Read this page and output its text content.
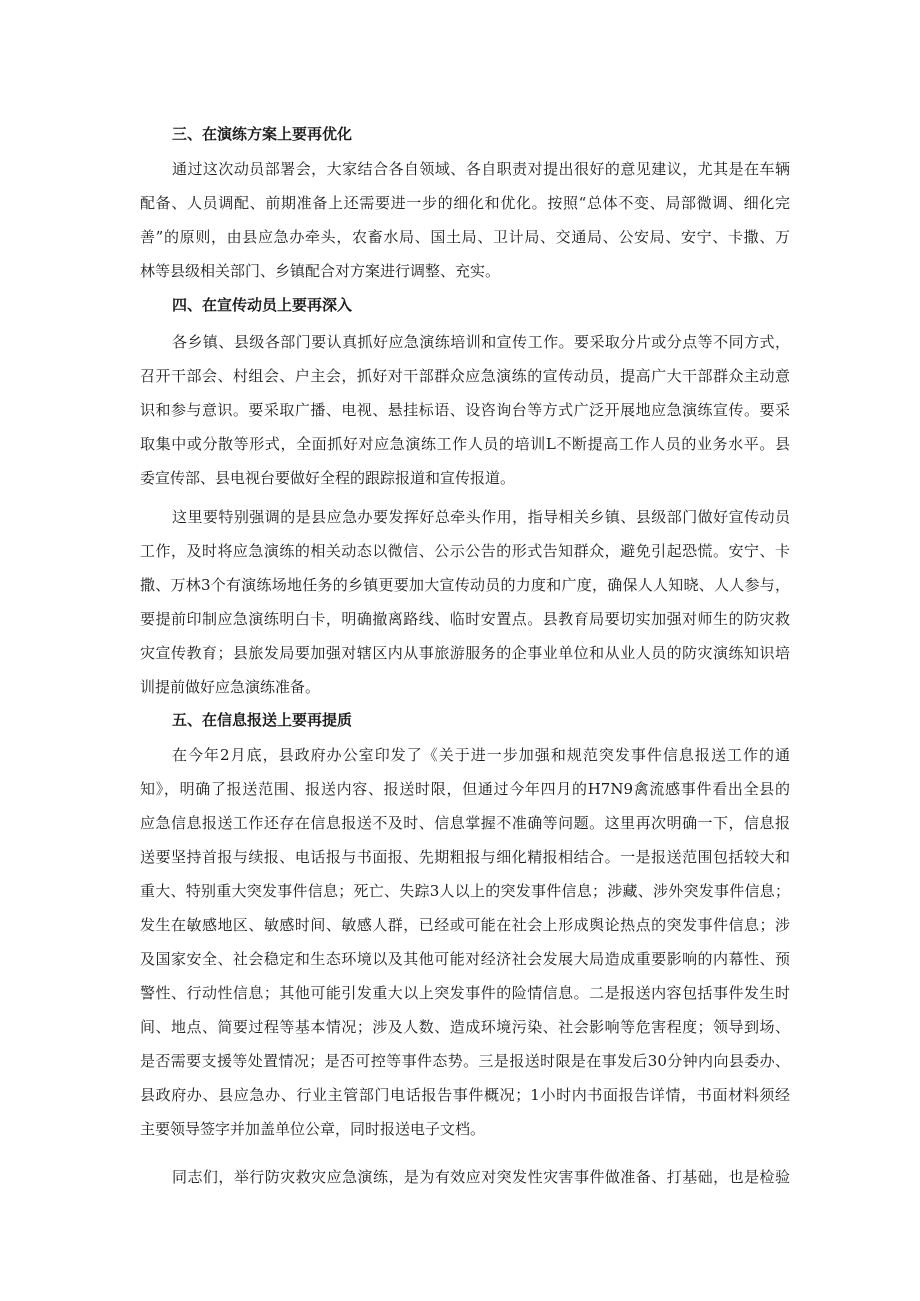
三、在演练方案上要再优化
通过这次动员部署会，大家结合各自领域、各自职责对提出很好的意见建议，尤其是在车辆
配备、人员调配、前期准备上还需要进一步的细化和优化。按照“总体不变、局部微调、细化完
善”的原则，由县应急办牵头，农畜水局、国土局、卫计局、交通局、公安局、安宁、卡撒、万
林等县级相关部门、乡镇配合对方案进行调整、充实。
四、在宣传动员上要再深入
各乡镇、县级各部门要认真抓好应急演练培训和宣传工作。要采取分片或分点等不同方式，
召开干部会、村组会、户主会，抓好对干部群众应急演练的宣传动员，提高广大干部群众主动意
识和参与意识。要采取广播、电视、悬挂标语、设咨询台等方式广泛开展地应急演练宣传。要采
取集中或分散等形式，全面抓好对应急演练工作人员的培训L不断提高工作人员的业务水平。县
委宣传部、县电视台要做好全程的跟踪报道和宣传报道。
这里要特别强调的是县应急办要发挥好总牵头作用，指导相关乡镇、县级部门做好宣传动员
工作，及时将应急演练的相关动态以微信、公示公告的形式告知群众，避免引起恐慌。安宁、卡
撒、万林3个有演练场地任务的乡镇更要加大宣传动员的力度和广度，确保人人知晓、人人参与，
要提前印制应急演练明白卡，明确撤离路线、临时安置点。县教育局要切实加强对师生的防灾救
灾宣传教育；县旅发局要加强对辖区内从事旅游服务的企事业单位和从业人员的防灾演练知识培
训提前做好应急演练准备。
五、在信息报送上要再提质
在今年2月底，县政府办公室印发了《关于进一步加强和规范突发事件信息报送工作的通
知》，明确了报送范围、报送内容、报送时限，但通过今年四月的H7N9禽流感事件看出全县的
应急信息报送工作还存在信息报送不及时、信息掌握不准确等问题。这里再次明确一下，信息报
送要坚持首报与续报、电话报与书面报、先期粗报与细化精报相结合。一是报送范围包括较大和
重大、特别重大突发事件信息；死亡、失踪3人以上的突发事件信息；涉藏、涉外突发事件信息；
发生在敏感地区、敏感时间、敏感人群，已经或可能在社会上形成舆论热点的突发事件信息；涉
及国家安全、社会稳定和生态环境以及其他可能对经济社会发展大局造成重要影响的内幕性、预
警性、行动性信息；其他可能引发重大以上突发事件的险情信息。二是报送内容包括事件发生时
间、地点、简要过程等基本情况；涉及人数、造成环境污染、社会影响等危害程度；领导到场、
是否需要支援等处置情况；是否可控等事件态势。三是报送时限是在事发后30分钟内向县委办、
县政府办、县应急办、行业主管部门电话报告事件概况；1小时内书面报告详情，书面材料须经
主要领导签字并加盖单位公章，同时报送电子文档。
同志们，举行防灾救灾应急演练，是为有效应对突发性灾害事件做准备、打基础，也是检验
